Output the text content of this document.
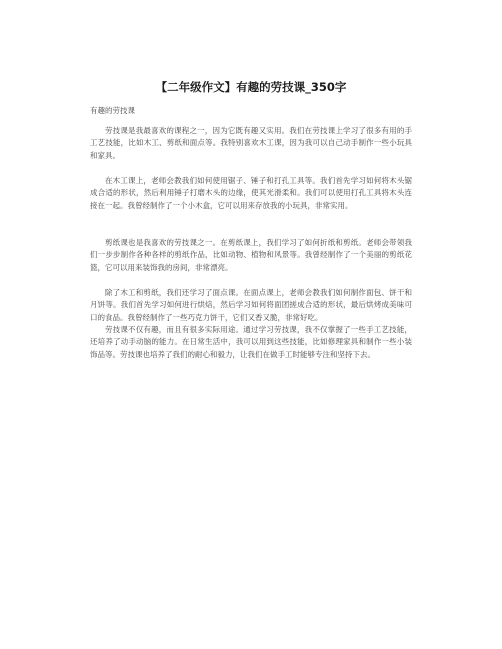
【二年级作文】有趣的劳技课_350字
有趣的劳技课

劳技课是我最喜欢的课程之一，因为它既有趣又实用。我们在劳技课上学习了很多有用的手工艺技能，比如木工、剪纸和面点等。我特别喜欢木工课，因为我可以自己动手制作一些小玩具和家具。

在木工课上，老师会教我们如何使用锯子、锤子和打孔工具等。我们首先学习如何将木头锯成合适的形状，然后利用锤子打磨木头的边缘，使其光滑柔和。我们可以使用打孔工具将木头连接在一起。我曾经制作了一个小木盒，它可以用来存放我的小玩具，非常实用。

剪纸课也是我喜欢的劳技课之一。在剪纸课上，我们学习了如何折纸和剪纸。老师会带领我们一步步制作各种各样的剪纸作品，比如动物、植物和风景等。我曾经制作了一个美丽的剪纸花篮，它可以用来装饰我的房间，非常漂亮。

除了木工和剪纸，我们还学习了面点课。在面点课上，老师会教我们如何制作面包、饼干和月饼等。我们首先学习如何进行烘焙，然后学习如何将面团搓成合适的形状，最后烘烤成美味可口的食品。我曾经制作了一些巧克力饼干，它们又香又脆，非常好吃。

劳技课不仅有趣，而且有很多实际用途。通过学习劳技课，我不仅掌握了一些手工艺技能，还培养了动手动脑的能力。在日常生活中，我可以用到这些技能，比如修理家具和制作一些小装饰品等。劳技课也培养了我们的耐心和毅力，让我们在做手工时能够专注和坚持下去。
